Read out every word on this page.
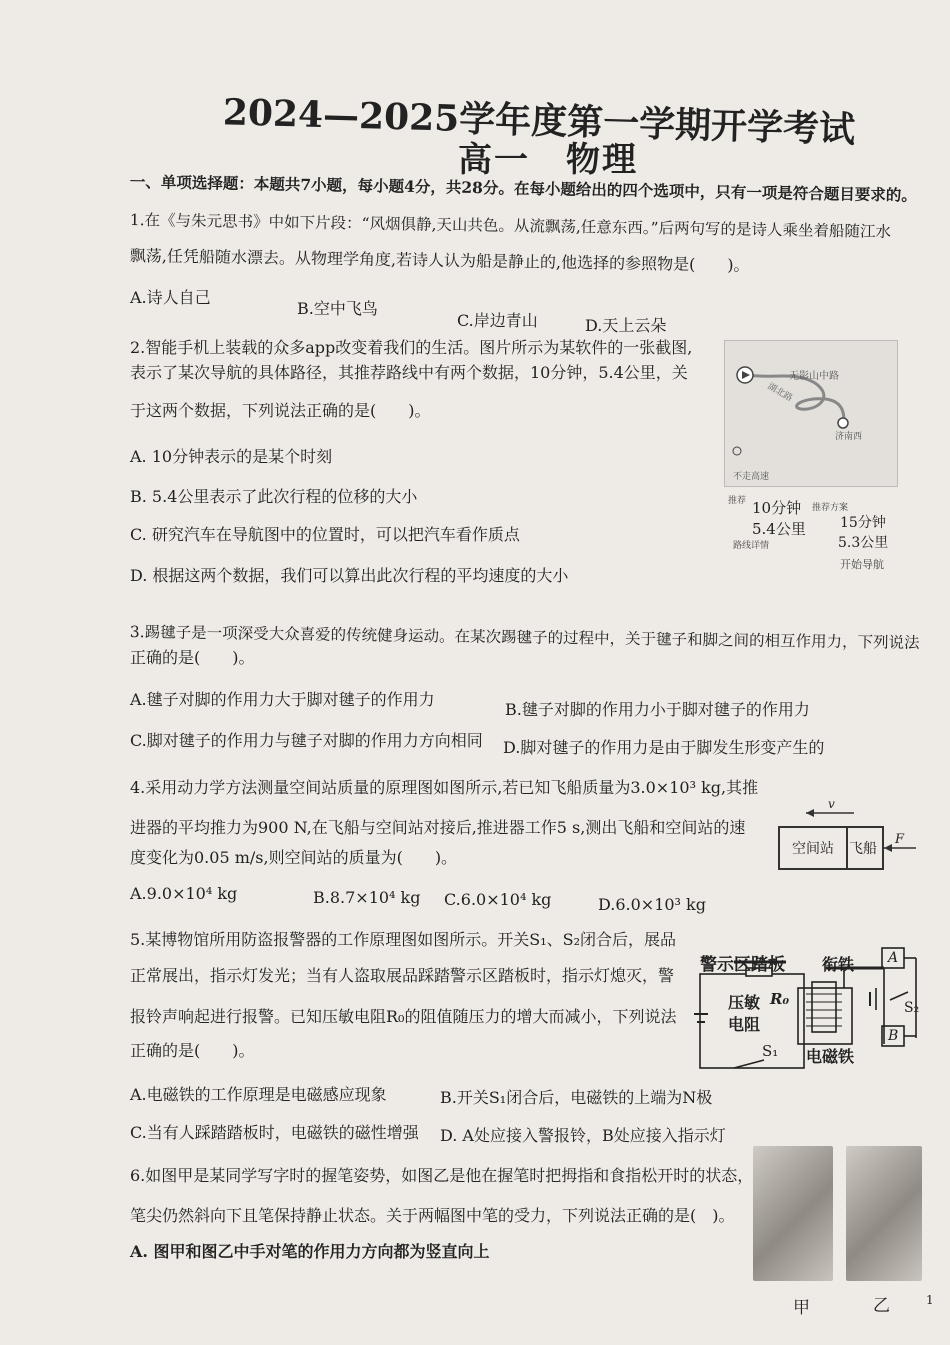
2024—2025学年度第一学期开学考试
高一　物理
一、单项选择题：本题共7小题，每小题4分，共28分。在每小题给出的四个选项中，只有一项是符合题目要求的。
1.在《与朱元思书》中如下片段：“风烟俱静,天山共色。从流飘荡,任意东西。”后两句写的是诗人乘坐着船随江水
飘荡,任凭船随水漂去。从物理学角度,若诗人认为船是静止的,他选择的参照物是(　　)。
A.诗人自己
B.空中飞鸟
C.岸边青山	D.天上云朵
2.智能手机上装载的众多app改变着我们的生活。图片所示为某软件的一张截图,
表示了某次导航的具体路径，其推荐路线中有两个数据，10分钟，5.4公里，关
于这两个数据，下列说法正确的是(　　)。
A. 10分钟表示的是某个时刻
B. 5.4公里表示了此次行程的位移的大小
C. 研究汽车在导航图中的位置时，可以把汽车看作质点
D. 根据这两个数据，我们可以算出此次行程的平均速度的大小
无影山中路
湖北路
济南西
不走高速
推荐 10分钟
5.4公里
路线详情
推荐方案
15分钟
5.3公里
开始导航
3.踢毽子是一项深受大众喜爱的传统健身运动。在某次踢毽子的过程中，关于毽子和脚之间的相互作用力，下列说法
正确的是(　　)。
A.毽子对脚的作用力大于脚对毽子的作用力
B.毽子对脚的作用力小于脚对毽子的作用力
C.脚对毽子的作用力与毽子对脚的作用力方向相同 D.脚对毽子的作用力是由于脚发生形变产生的
4.采用动力学方法测量空间站质量的原理图如图所示,若已知飞船质量为3.0×10³ kg,其推
进器的平均推力为900 N,在飞船与空间站对接后,推进器工作5 s,测出飞船和空间站的速
度变化为0.05 m/s,则空间站的质量为(　　)。
A.9.0×10⁴ kg	B.8.7×10⁴ kg C.6.0×10⁴ kg	D.6.0×10³ kg
v
F
空间站 飞船
5.某博物馆所用防盗报警器的工作原理图如图所示。开关S₁、S₂闭合后，展品
正常展出，指示灯发光；当有人盗取展品踩踏警示区踏板时，指示灯熄灭，警
报铃声响起进行报警。已知压敏电阻R₀的阻值随压力的增大而减小，下列说法
正确的是(　　)。
A.电磁铁的工作原理是电磁感应现象	B.开关S₁闭合后，电磁铁的上端为N极
C.当有人踩踏踏板时，电磁铁的磁性增强 D. A处应接入警报铃，B处应接入指示灯
警示区踏板 衔铁
压敏
电阻
R₀
电磁铁
S₁
S₂
A
B
6.如图甲是某同学写字时的握笔姿势，如图乙是他在握笔时把拇指和食指松开时的状态，
笔尖仍然斜向下且笔保持静止状态。关于两幅图中笔的受力，下列说法正确的是(　)。
A. 图甲和图乙中手对笔的作用力方向都为竖直向上
甲	乙	1
